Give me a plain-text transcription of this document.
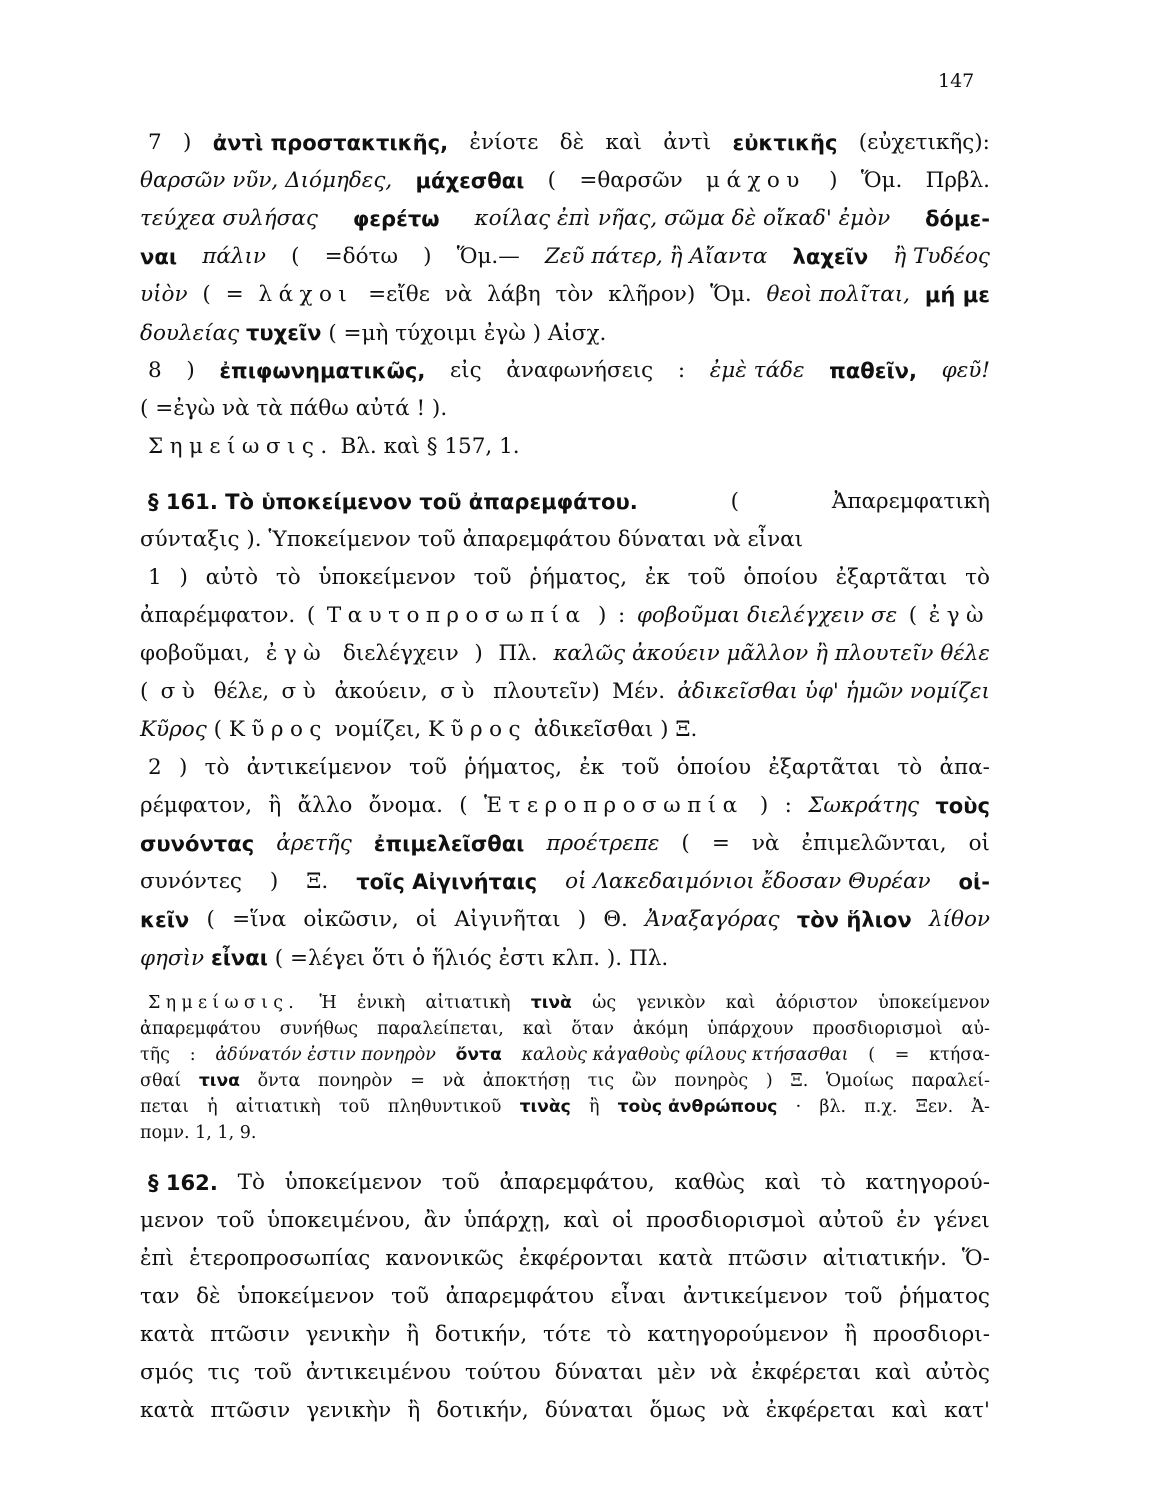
147
7 ) ἀντὶ προστακτικῆς, ἐνίοτε δὲ καὶ ἀντὶ εὐκτικῆς (εὐχετικῆς):
θαρσῶν νῦν, Διόμηδες, μάχεσθαι ( =θαρσῶν μάχου ) Ὅμ. Πρβλ.
τεύχεα συλήσας φερέτω κοίλας ἐπὶ νῆας, σῶμα δὲ οἴκαδ' ἐμὸν δόμε-
ναι πάλιν ( =δότω ) Ὅμ.— Ζεῦ πάτερ, ἢ Αἴαντα λαχεῖν ἢ Τυδέος
υἱὸν ( = λάχοι =εἴθε νὰ λάβη τὸν κλῆρον) Ὅμ. θεοὶ πολῖται, μή με
δουλείας τυχεῖν ( =μὴ τύχοιμι ἐγὼ ) Αἰσχ.
8 ) ἐπιφωνηματικῶς, εἰς ἀναφωνήσεις : ἐμὲ τάδε παθεῖν, φεῦ!
( =ἐγὼ νὰ τὰ πάθω αὐτά ! ).
Σημείωσις. Βλ. καὶ § 157, 1.
§ 161. Τὸ ὑποκείμενον τοῦ ἀπαρεμφάτου.	(	Ἀπαρεμφατικὴ
σύνταξις ). Ὑποκείμενον τοῦ ἀπαρεμφάτου δύναται νὰ εἶναι
1 ) αὐτὸ τὸ ὑποκείμενον τοῦ ῥήματος, ἐκ τοῦ ὁποίου ἐξαρτᾶται τὸ
ἀπαρέμφατον. ( Ταυτοπροσωπία ) : φοβοῦμαι διελέγχειν σε ( ἐγὼ
φοβοῦμαι, ἐγὼ διελέγχειν ) Πλ. καλῶς ἀκούειν μᾶλλον ἢ πλουτεῖν θέλε
( σὺ θέλε, σὺ ἀκούειν, σὺ πλουτεῖν) Μέν. ἀδικεῖσθαι ὑφ' ἡμῶν νομίζει
Κῦρος ( Κῦρος νομίζει, Κῦρος ἀδικεῖσθαι ) Ξ.
2 ) τὸ ἀντικείμενον τοῦ ῥήματος, ἐκ τοῦ ὁποίου ἐξαρτᾶται τὸ ἀπα-
ρέμφατον, ἢ ἄλλο ὄνομα. ( Ἑτεροπροσωπία ) : Σωκράτης τοὺς
συνόντας ἀρετῆς ἐπιμελεῖσθαι προέτρεπε ( = νὰ ἐπιμελῶνται, οἱ
συνόντες ) Ξ. τοῖς Αἰγινήταις οἱ Λακεδαιμόνιοι ἔδοσαν Θυρέαν οἰ-
κεῖν ( =ἵνα οἰκῶσιν, οἱ Αἰγινῆται ) Θ. Ἀναξαγόρας τὸν ἥλιον λίθον
φησὶν εἶναι ( =λέγει ὅτι ὁ ἥλιός ἐστι κλπ. ). Πλ.
Σημείωσις. Ἡ ἑνικὴ αἰτιατικὴ τινὰ ὡς γενικὸν καὶ ἀόριστον ὑποκείμενον
ἀπαρεμφάτου συνήθως παραλείπεται, καὶ ὅταν ἀκόμη ὑπάρχουν προσδιορισμοὶ αὐ-
τῆς : ἀδύνατόν ἐστιν πονηρὸν ὄντα καλοὺς κἀγαθοὺς φίλους κτήσασθαι ( = κτήσα-
σθαί τινα ὄντα πονηρὸν = νὰ ἀποκτήσῃ τις ὢν πονηρὸς ) Ξ. Ὁμοίως παραλεί-
πεται ἡ αἰτιατικὴ τοῦ πληθυντικοῦ τινὰς ἢ τοὺς ἀνθρώπους · βλ. π.χ. Ξεν. Ἀ-
πομν. 1, 1, 9.
§ 162. Τὸ ὑποκείμενον τοῦ ἀπαρεμφάτου, καθὼς καὶ τὸ κατηγορού-
μενον τοῦ ὑποκειμένου, ἂν ὑπάρχῃ, καὶ οἱ προσδιορισμοὶ αὐτοῦ ἐν γένει
ἐπὶ ἑτεροπροσωπίας κανονικῶς ἐκφέρονται κατὰ πτῶσιν αἰτιατικήν. Ὅ-
ταν δὲ ὑποκείμενον τοῦ ἀπαρεμφάτου εἶναι ἀντικείμενον τοῦ ῥήματος
κατὰ πτῶσιν γενικὴν ἢ δοτικήν, τότε τὸ κατηγορούμενον ἢ προσδιορι-
σμός τις τοῦ ἀντικειμένου τούτου δύναται μὲν νὰ ἐκφέρεται καὶ αὐτὸς
κατὰ πτῶσιν γενικὴν ἢ δοτικήν, δύναται ὅμως νὰ ἐκφέρεται καὶ κατ'
